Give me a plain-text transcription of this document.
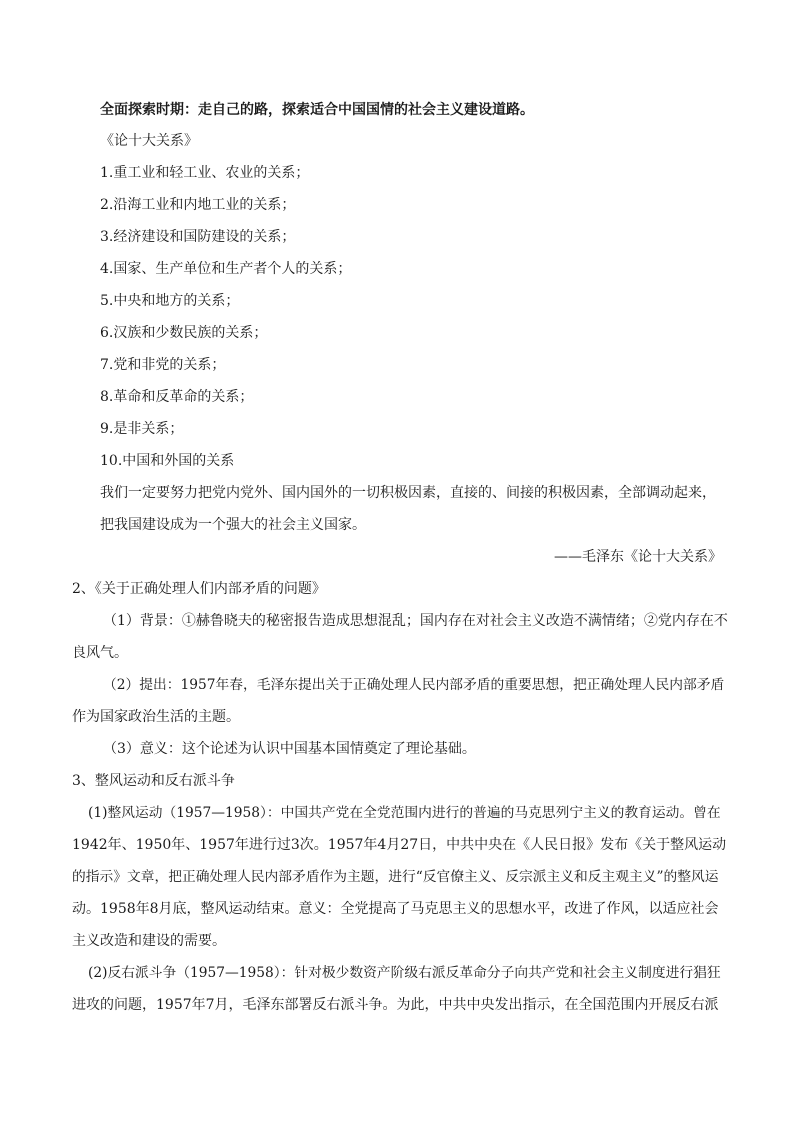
全面探索时期：走自己的路，探索适合中国国情的社会主义建设道路。
《论十大关系》
1.重工业和轻工业、农业的关系；
2.沿海工业和内地工业的关系；
3.经济建设和国防建设的关系；
4.国家、生产单位和生产者个人的关系；
5.中央和地方的关系；
6.汉族和少数民族的关系；
7.党和非党的关系；
8.革命和反革命的关系；
9.是非关系；
10.中国和外国的关系
我们一定要努力把党内党外、国内国外的一切积极因素，直接的、间接的积极因素，全部调动起来，
把我国建设成为一个强大的社会主义国家。
——毛泽东《论十大关系》
2、《关于正确处理人们内部矛盾的问题》
（1）背景：①赫鲁晓夫的秘密报告造成思想混乱；国内存在对社会主义改造不满情绪；②党内存在不
良风气。
（2）提出：1957年春，毛泽东提出关于正确处理人民内部矛盾的重要思想，把正确处理人民内部矛盾
作为国家政治生活的主题。
（3）意义：这个论述为认识中国基本国情奠定了理论基础。
3、整风运动和反右派斗争
(1)整风运动（1957—1958）：中国共产党在全党范围内进行的普遍的马克思列宁主义的教育运动。曾在
1942年、1950年、1957年进行过3次。1957年4月27日，中共中央在《人民日报》发布《关于整风运动
的指示》文章，把正确处理人民内部矛盾作为主题，进行“反官僚主义、反宗派主义和反主观主义”的整风运
动。1958年8月底，整风运动结束。意义：全党提高了马克思主义的思想水平，改进了作风，以适应社会
主义改造和建设的需要。
(2)反右派斗争（1957—1958）：针对极少数资产阶级右派反革命分子向共产党和社会主义制度进行猖狂
进攻的问题，1957年7月，毛泽东部署反右派斗争。为此，中共中央发出指示，在全国范围内开展反右派
